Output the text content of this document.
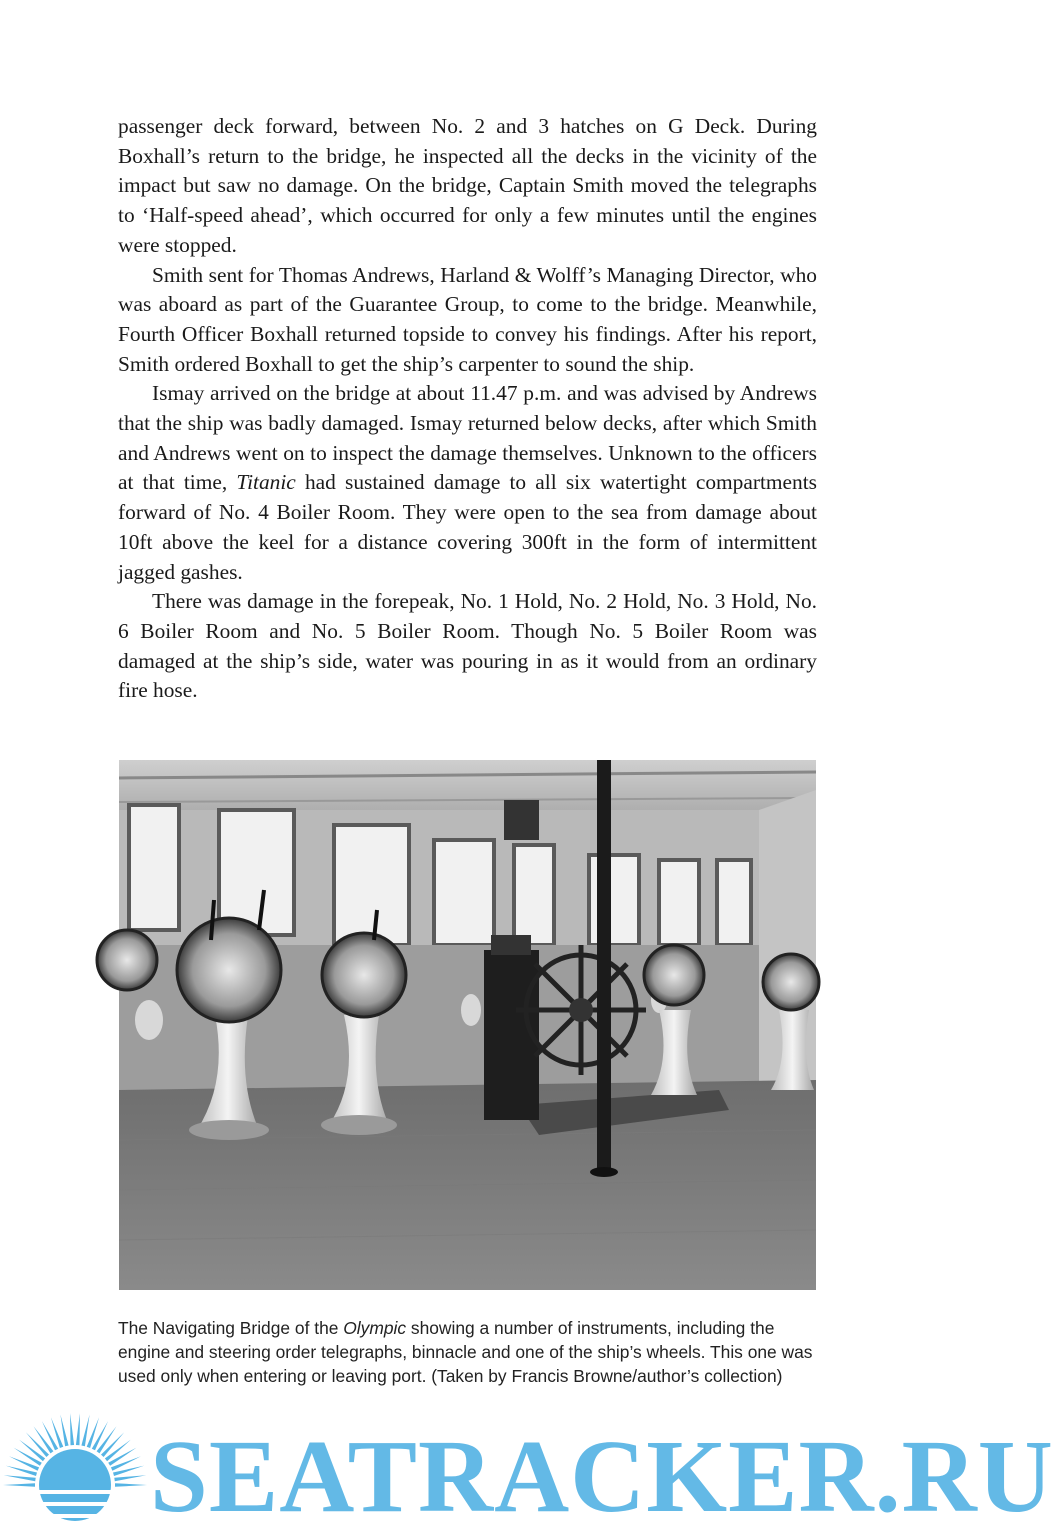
passenger deck forward, between No. 2 and 3 hatches on G Deck. During Boxhall’s return to the bridge, he inspected all the decks in the vicinity of the impact but saw no damage. On the bridge, Captain Smith moved the telegraphs to ‘Half-speed ahead’, which occurred for only a few minutes until the engines were stopped.

Smith sent for Thomas Andrews, Harland & Wolff’s Managing Director, who was aboard as part of the Guarantee Group, to come to the bridge. Meanwhile, Fourth Officer Boxhall returned topside to convey his findings. After his report, Smith ordered Boxhall to get the ship’s carpenter to sound the ship.

Ismay arrived on the bridge at about 11.47 p.m. and was advised by Andrews that the ship was badly damaged. Ismay returned below decks, after which Smith and Andrews went on to inspect the damage themselves. Unknown to the officers at that time, Titanic had sustained damage to all six watertight compartments forward of No. 4 Boiler Room. They were open to the sea from damage about 10ft above the keel for a distance covering 300ft in the form of intermittent jagged gashes.

There was damage in the forepeak, No. 1 Hold, No. 2 Hold, No. 3 Hold, No. 6 Boiler Room and No. 5 Boiler Room. Though No. 5 Boiler Room was damaged at the ship’s side, water was pouring in as it would from an ordinary fire hose.

The Navigating Bridge of the Olympic showing a number of instruments, including the engine and steering order telegraphs, binnacle and one of the ship’s wheels. This one was used only when entering or leaving port. (Taken by Francis Browne/author’s collection)
SEATRACKER.RU
